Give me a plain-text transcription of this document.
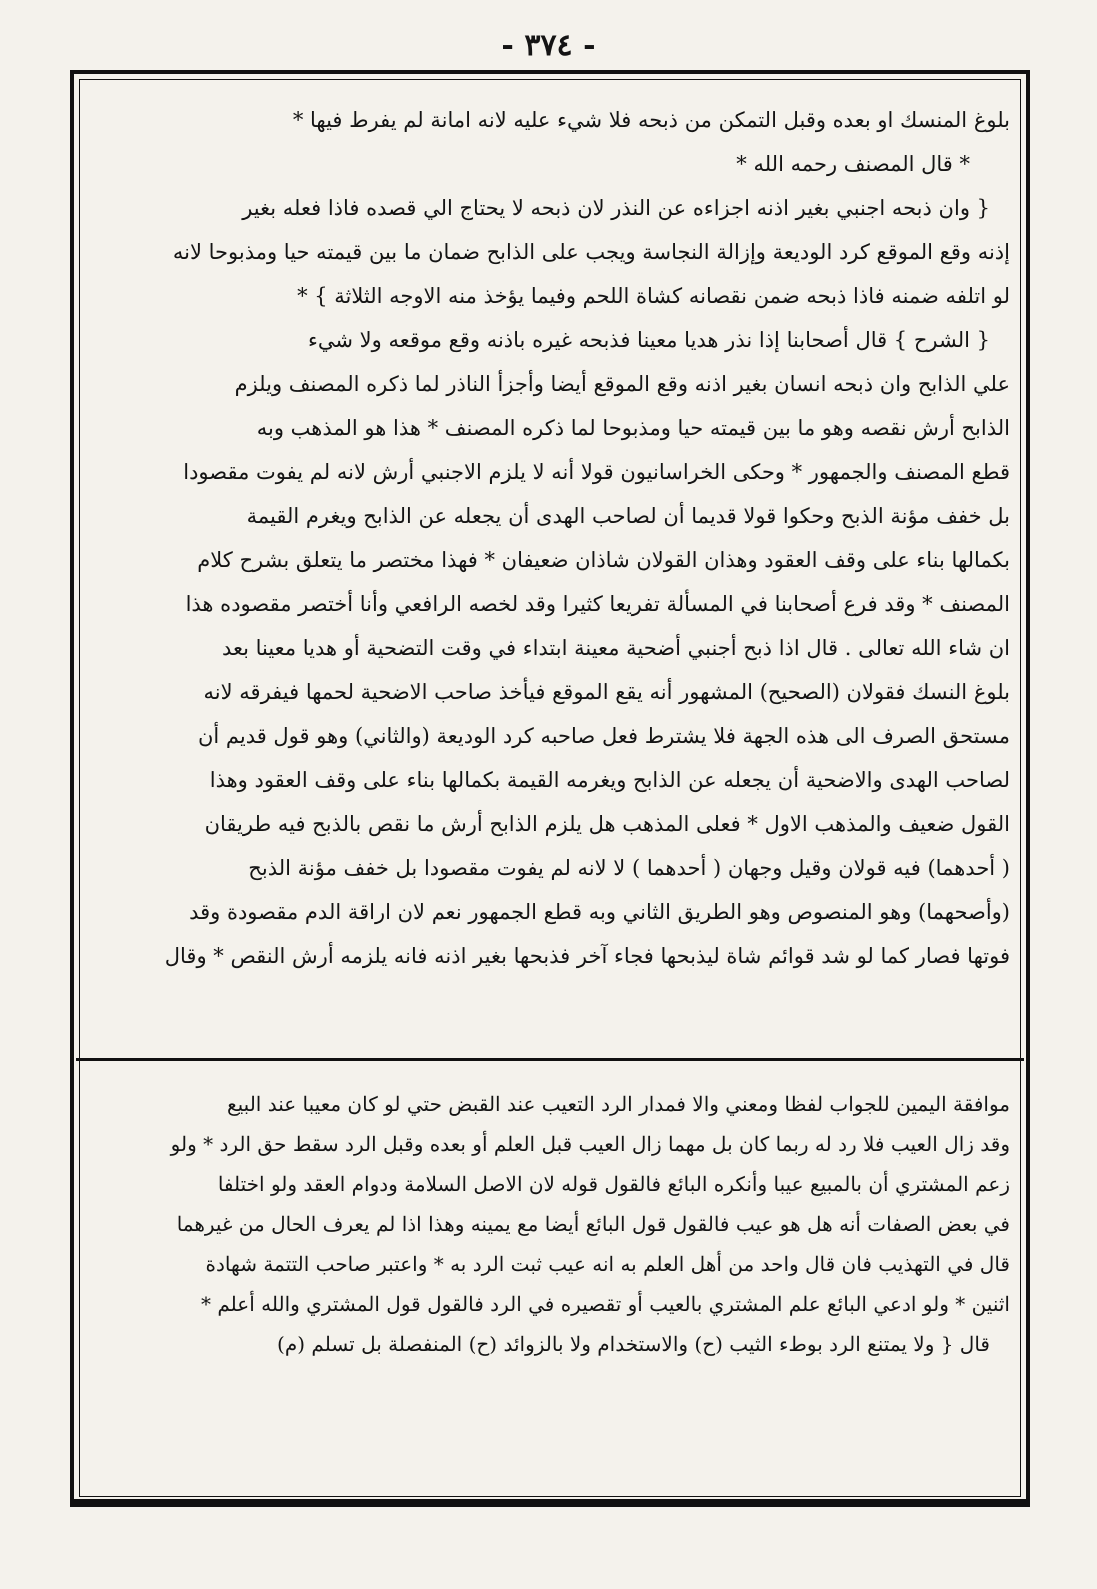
- ٣٧٤ -
بلوغ المنسك او بعده وقبل التمكن من ذبحه فلا شيء عليه لانه امانة لم يفرط فيها *
* قال المصنف رحمه الله *
{ وان ذبحه اجنبي بغير اذنه اجزاءه عن النذر لان ذبحه لا يحتاج الي قصده فاذا فعله بغير
إذنه وقع الموقع كرد الوديعة وإزالة النجاسة ويجب على الذابح ضمان ما بين قيمته حيا ومذبوحا لانه
لو اتلفه ضمنه فاذا ذبحه ضمن نقصانه كشاة اللحم وفيما يؤخذ منه الاوجه الثلاثة } *
{ الشرح } قال أصحابنا إذا نذر هديا معينا فذبحه غيره باذنه وقع موقعه ولا شيء
علي الذابح وان ذبحه انسان بغير اذنه وقع الموقع أيضا وأجزأ الناذر لما ذكره المصنف ويلزم
الذابح أرش نقصه وهو ما بين قيمته حيا ومذبوحا لما ذكره المصنف * هذا هو المذهب وبه
قطع المصنف والجمهور * وحكى الخراسانيون قولا أنه لا يلزم الاجنبي أرش لانه لم يفوت مقصودا
بل خفف مؤنة الذبح وحكوا قولا قديما أن لصاحب الهدى أن يجعله عن الذابح ويغرم القيمة
بكمالها بناء على وقف العقود وهذان القولان شاذان ضعيفان * فهذا مختصر ما يتعلق بشرح كلام
المصنف * وقد فرع أصحابنا في المسألة تفريعا كثيرا وقد لخصه الرافعي وأنا أختصر مقصوده هذا
ان شاء الله تعالى . قال اذا ذبح أجنبي أضحية معينة ابتداء في وقت التضحية أو هديا معينا بعد
بلوغ النسك فقولان (الصحيح) المشهور أنه يقع الموقع فيأخذ صاحب الاضحية لحمها فيفرقه لانه
مستحق الصرف الى هذه الجهة فلا يشترط فعل صاحبه كرد الوديعة (والثاني) وهو قول قديم أن
لصاحب الهدى والاضحية أن يجعله عن الذابح ويغرمه القيمة بكمالها بناء على وقف العقود وهذا
القول ضعيف والمذهب الاول * فعلى المذهب هل يلزم الذابح أرش ما نقص بالذبح فيه طريقان
( أحدهما) فيه قولان وقيل وجهان ( أحدهما ) لا لانه لم يفوت مقصودا بل خفف مؤنة الذبح
(وأصحهما) وهو المنصوص وهو الطريق الثاني وبه قطع الجمهور نعم لان اراقة الدم مقصودة وقد
فوتها فصار كما لو شد قوائم شاة ليذبحها فجاء آخر فذبحها بغير اذنه فانه يلزمه أرش النقص * وقال
موافقة اليمين للجواب لفظا ومعني والا فمدار الرد التعيب عند القبض حتي لو كان معيبا عند البيع
وقد زال العيب فلا رد له ربما كان بل مهما زال العيب قبل العلم أو بعده وقبل الرد سقط حق الرد * ولو
زعم المشتري أن بالمبيع عيبا وأنكره البائع فالقول قوله لان الاصل السلامة ودوام العقد ولو اختلفا
في بعض الصفات أنه هل هو عيب فالقول قول البائع أيضا مع يمينه وهذا اذا لم يعرف الحال من غيرهما
قال في التهذيب فان قال واحد من أهل العلم به انه عيب ثبت الرد به * واعتبر صاحب التتمة شهادة
اثنين * ولو ادعي البائع علم المشتري بالعيب أو تقصيره في الرد فالقول قول المشتري والله أعلم *
قال { ولا يمتنع الرد بوطء الثيب (ح) والاستخدام ولا بالزوائد (ح) المنفصلة بل تسلم (م)
